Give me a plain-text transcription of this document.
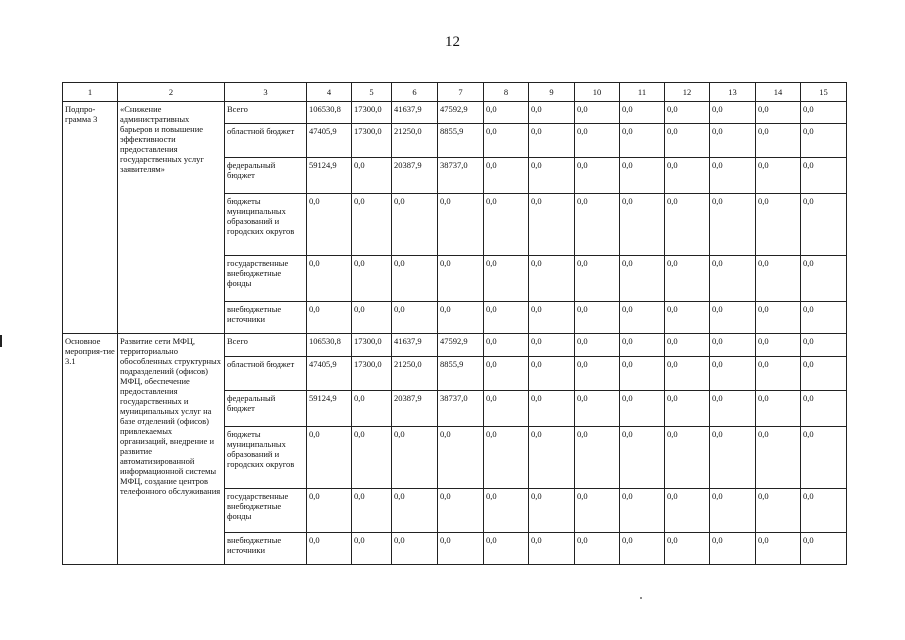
12
1	2	3	4	5	6	7	8	9	10	11	12	13	14	15
Подпро-грамма 3	«Снижение административных барьеров и повышение эффективности предоставления государственных услуг заявителям»	Всего	106530,8	17300,0	41637,9	47592,9	0,0	0,0	0,0	0,0	0,0	0,0	0,0	0,0
		областной бюджет	47405,9	17300,0	21250,0	8855,9	0,0	0,0	0,0	0,0	0,0	0,0	0,0	0,0
		федеральный бюджет	59124,9	0,0	20387,9	38737,0	0,0	0,0	0,0	0,0	0,0	0,0	0,0	0,0
		бюджеты муниципальных образований и городских округов	0,0	0,0	0,0	0,0	0,0	0,0	0,0	0,0	0,0	0,0	0,0	0,0
		государственные внебюджетные фонды	0,0	0,0	0,0	0,0	0,0	0,0	0,0	0,0	0,0	0,0	0,0	0,0
		внебюджетные источники	0,0	0,0	0,0	0,0	0,0	0,0	0,0	0,0	0,0	0,0	0,0	0,0
Основное мероприя-тие 3.1	Развитие сети МФЦ, территориально обособленных структурных подразделений (офисов) МФЦ, обеспечение предоставления государственных и муниципальных услуг на базе отделений (офисов) привлекаемых организаций, внедрение и развитие автоматизированной информационной системы МФЦ, создание центров телефонного обслуживания	Всего	106530,8	17300,0	41637,9	47592,9	0,0	0,0	0,0	0,0	0,0	0,0	0,0	0,0
		областной бюджет	47405,9	17300,0	21250,0	8855,9	0,0	0,0	0,0	0,0	0,0	0,0	0,0	0,0
		федеральный бюджет	59124,9	0,0	20387,9	38737,0	0,0	0,0	0,0	0,0	0,0	0,0	0,0	0,0
		бюджеты муниципальных образований и городских округов	0,0	0,0	0,0	0,0	0,0	0,0	0,0	0,0	0,0	0,0	0,0	0,0
		государственные внебюджетные фонды	0,0	0,0	0,0	0,0	0,0	0,0	0,0	0,0	0,0	0,0	0,0	0,0
		внебюджетные источники	0,0	0,0	0,0	0,0	0,0	0,0	0,0	0,0	0,0	0,0	0,0	0,0
